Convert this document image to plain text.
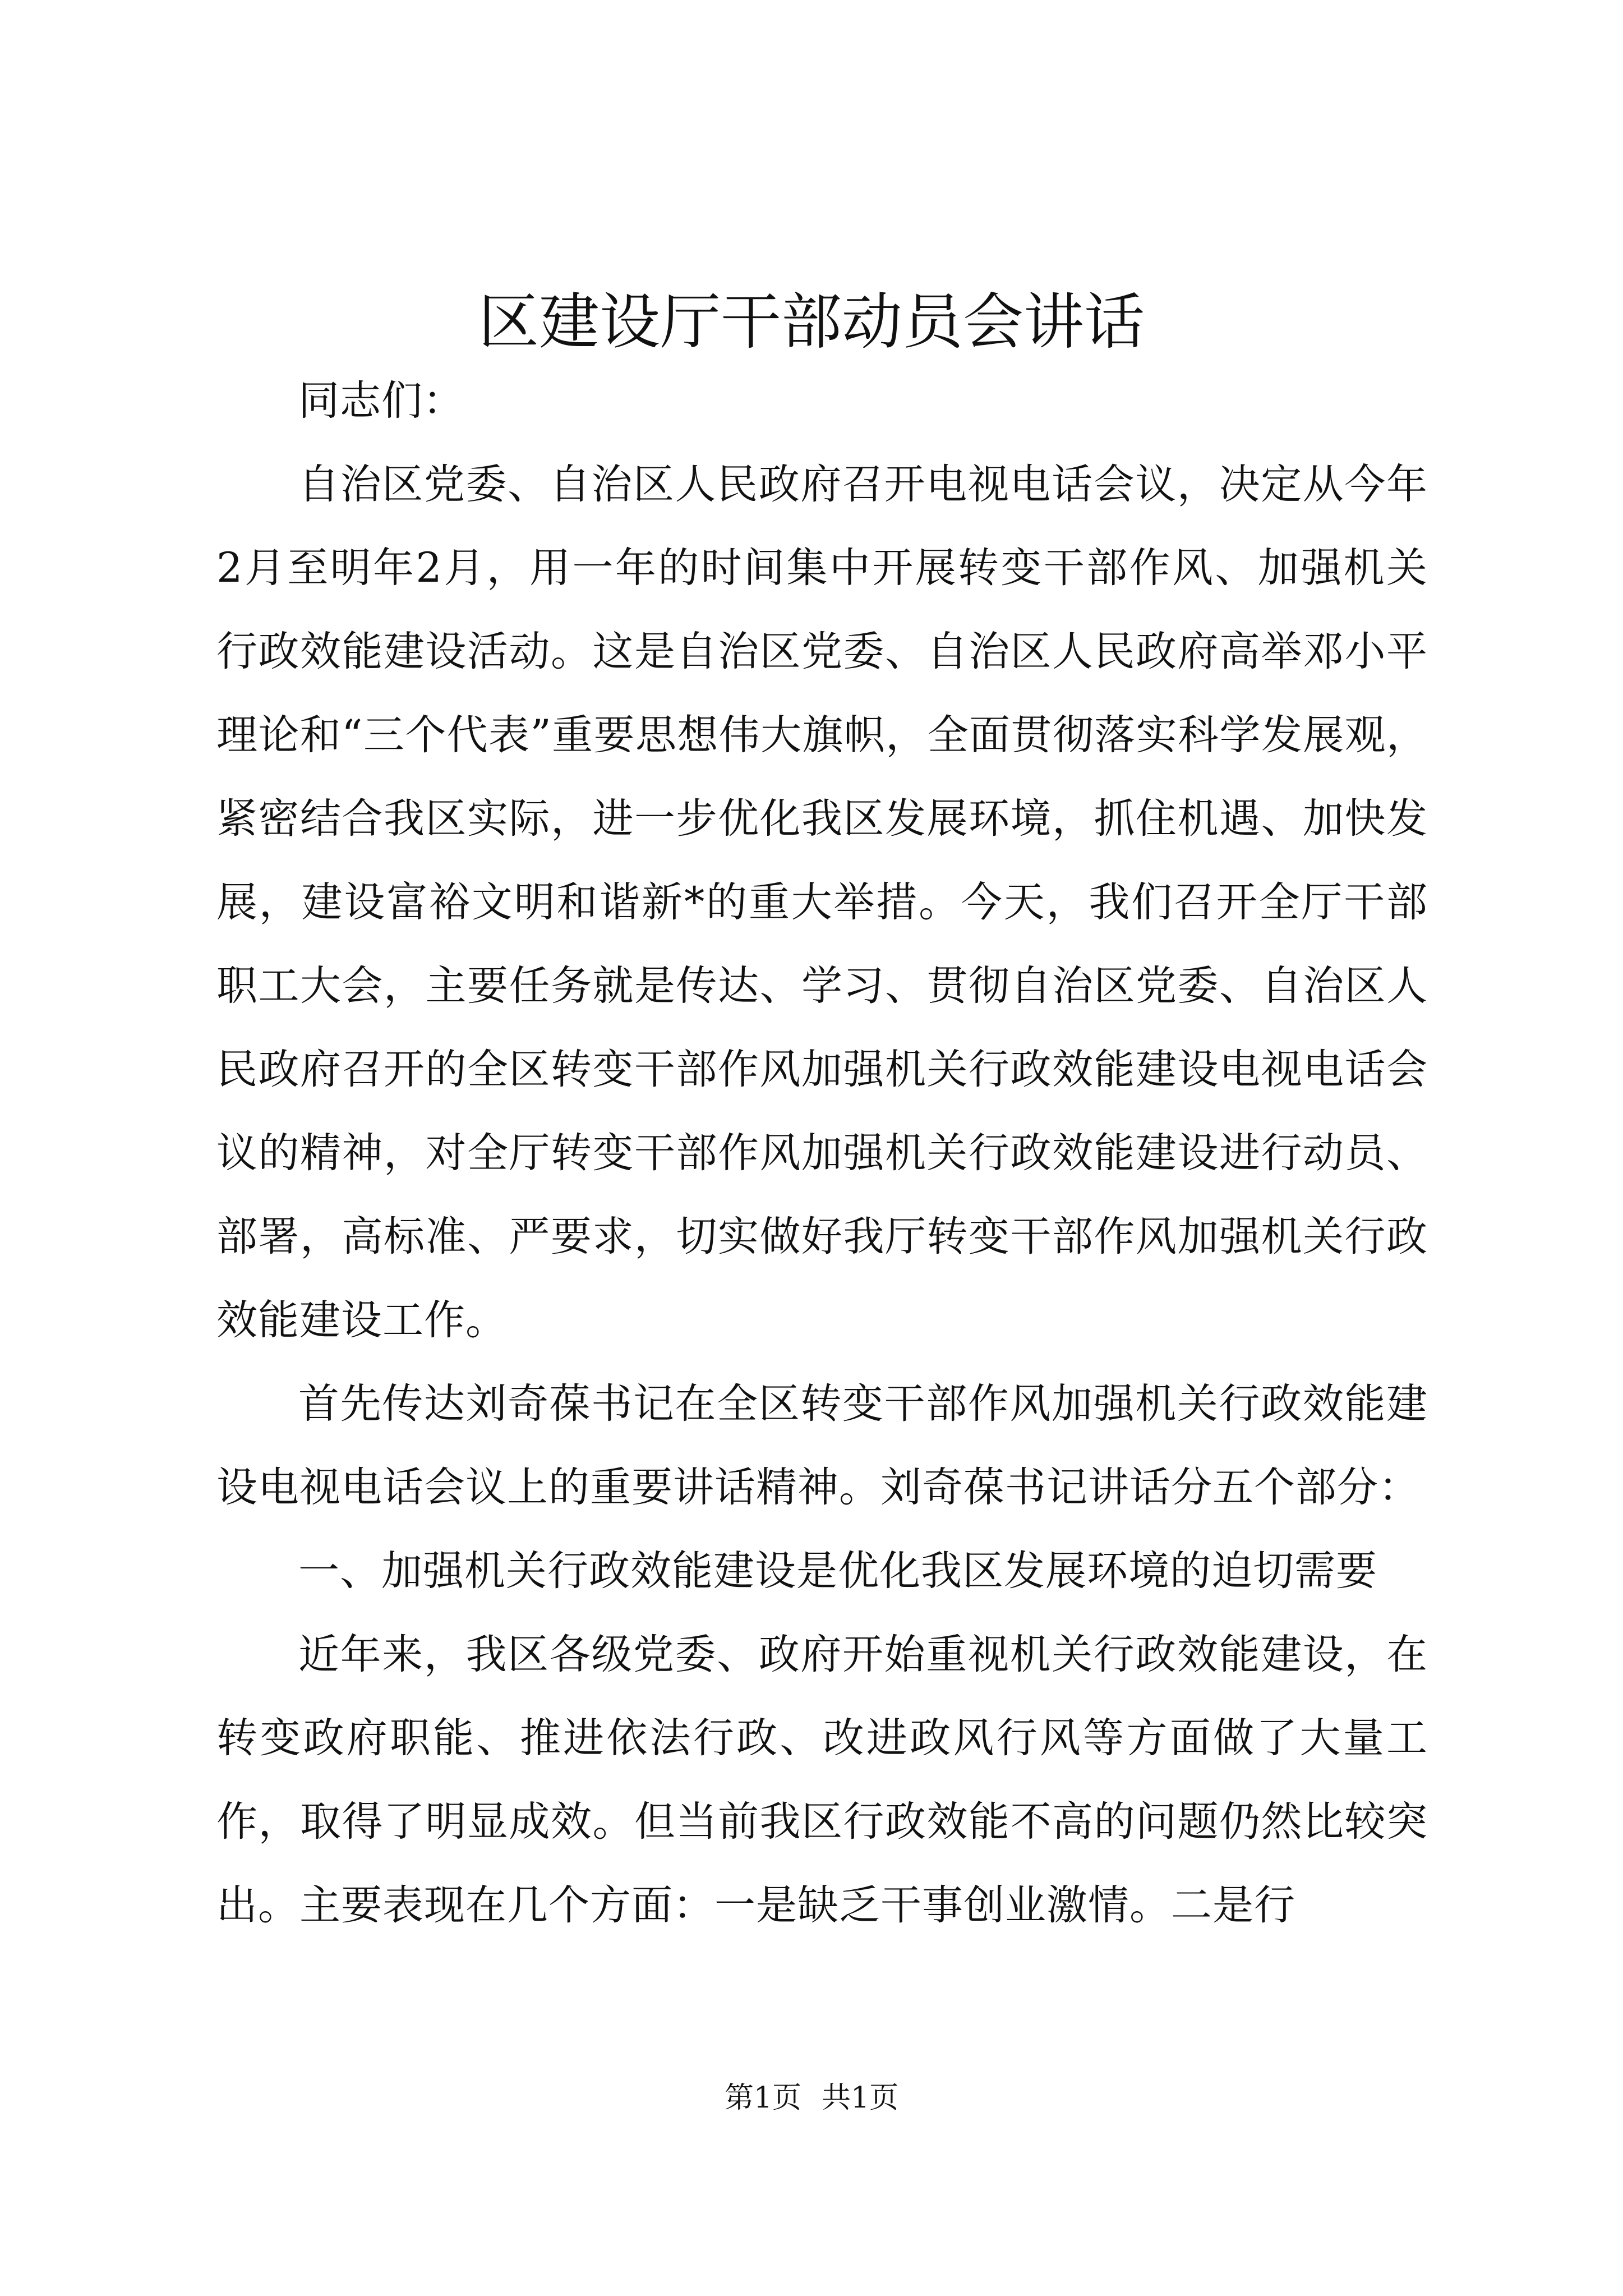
区建设厅干部动员会讲话

同志们：

自治区党委、自治区人民政府召开电视电话会议，决定从今年2月至明年2月，用一年的时间集中开展转变干部作风、加强机关行政效能建设活动。这是自治区党委、自治区人民政府高举邓小平理论和“三个代表”重要思想伟大旗帜，全面贯彻落实科学发展观，紧密结合我区实际，进一步优化我区发展环境，抓住机遇、加快发展，建设富裕文明和谐新*的重大举措。今天，我们召开全厅干部职工大会，主要任务就是传达、学习、贯彻自治区党委、自治区人民政府召开的全区转变干部作风加强机关行政效能建设电视电话会议的精神，对全厅转变干部作风加强机关行政效能建设进行动员、部署，高标准、严要求，切实做好我厅转变干部作风加强机关行政效能建设工作。

首先传达刘奇葆书记在全区转变干部作风加强机关行政效能建设电视电话会议上的重要讲话精神。刘奇葆书记讲话分五个部分：

一、加强机关行政效能建设是优化我区发展环境的迫切需要

近年来，我区各级党委、政府开始重视机关行政效能建设，在转变政府职能、推进依法行政、改进政风行风等方面做了大量工作，取得了明显成效。但当前我区行政效能不高的问题仍然比较突出。主要表现在几个方面：一是缺乏干事创业激情。二是行

第1页 共1页
